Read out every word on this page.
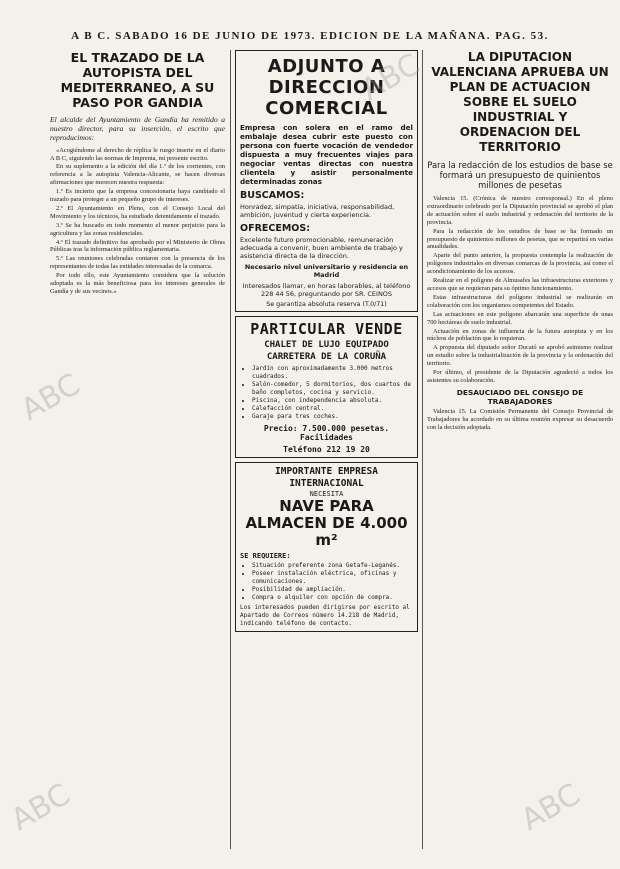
A B C. SABADO 16 DE JUNIO DE 1973. EDICION DE LA MAÑANA. PAG. 53.
EL TRAZADO DE LA AUTOPISTA DEL MEDITERRANEO, A SU PASO POR GANDIA
El alcalde del Ayuntamiento de Gandía ha remitido a nuestro director, para su inserción, el escrito que reproducimos:

«Acogiéndome al derecho de réplica le ruego inserte en el diario A B C, siguiendo las normas de Imprenta, mi presente escrito.

En su suplemento a la edición del día 1.º de los corrientes, con referencia a la autopista Valencia-Alicante, se hacen diversas afirmaciones que merecen nuestra respuesta:

1.º Es incierto que la empresa concesionaria haya cambiado el trazado para proteger a un pequeño grupo de intereses.

2.º El Ayuntamiento en Pleno, con el Consejo Local del Movimiento y los técnicos, ha estudiado detenidamente el trazado.

3.º Se ha buscado en todo momento el menor perjuicio para la agricultura y las zonas residenciales.

4.º El trazado definitivo fue aprobado por el Ministerio de Obras Públicas tras la información pública reglamentaria.

5.º Las reuniones celebradas contaron con la presencia de los representantes de todas las entidades interesadas de la comarca.

Por todo ello, este Ayuntamiento considera que la solución adoptada es la más beneficiosa para los intereses generales de Gandía y de sus vecinos.»

ADJUNTO A DIRECCION COMERCIAL
Empresa con solera en el ramo del embalaje desea cubrir este puesto con persona con fuerte vocación de vendedor dispuesta a muy frecuentes viajes para negociar ventas directas con nuestra clientela y asistir personalmente determinadas zonas
BUSCAMOS:
Honradez, simpatía, iniciativa, responsabilidad, ambición, juventud y cierta experiencia.
OFRECEMOS:
Excelente futuro promocionable, remuneración adecuada a convenir, buen ambiente de trabajo y asistencia directa de la dirección.
Necesario nivel universitario y residencia en Madrid
Interesados llamar, en horas laborables, al teléfono 228 44 56, preguntando por SR. CEINOS
Se garantiza absoluta reserva (T.0/71)
PARTICULAR VENDE
CHALET DE LUJO EQUIPADO
CARRETERA DE LA CORUÑA
• Jardín con aproximadamente 3.000 metros cuadrados.
• Salón-comedor, 5 dormitorios, dos cuartos de baño completos, cocina y servicio.
• Piscina, con independencia absoluta.
• Calefacción central.
• Garaje para tres coches.
Precio: 7.500.000 pesetas. Facilidades
Teléfono 212 19 20
IMPORTANTE EMPRESA INTERNACIONAL
NECESITA
NAVE PARA ALMACEN DE 4.000 m²
SE REQUIERE:
• Situación preferente zona Getafe-Leganés.
• Poseer instalación eléctrica, oficinas y comunicaciones.
• Posibilidad de ampliación.
• Compra o alquiler con opción de compra.
Los interesados pueden dirigirse por escrito al Apartado de Correos número 14.218 de Madrid, indicando teléfono de contacto.
LA DIPUTACION VALENCIANA APRUEBA UN PLAN DE ACTUACION SOBRE EL SUELO INDUSTRIAL Y ORDENACION DEL TERRITORIO
Para la redacción de los estudios de base se formará un presupuesto de quinientos millones de pesetas

Valencia 15. (Crónica de nuestro corresponsal.) En el pleno extraordinario celebrado por la Diputación provincial se aprobó el plan de actuación sobre el suelo industrial y ordenación del territorio de la provincia.

Para la redacción de los estudios de base se ha formado un presupuesto de quinientos millones de pesetas, que se repartirá en varias anualidades.

Aparte del punto anterior, la propuesta contempla la realización de polígonos industriales en diversas comarcas de la provincia, así como el acondicionamiento de los accesos.

Realizar en el polígono de Almusafes las infraestructuras exteriores y accesos que se requieran para su óptimo funcionamiento.

Estas infraestructuras del polígono industrial se realizarán en colaboración con los organismos competentes del Estado.

Las actuaciones en este polígono abarcarán una superficie de unas 700 hectáreas de suelo industrial.

Actuación en zonas de influencia de la futura autopista y en los núcleos de población que lo requieran.

A propuesta del diputado señor Ducató se aprobó asimismo realizar un estudio sobre la industrialización de la provincia y la ordenación del territorio.

Por último, el presidente de la Diputación agradeció a todos los asistentes su colaboración.

DESAUCIADO DEL CONSEJO DE TRABAJADORES

Valencia 15. La Comisión Permanente del Consejo Provincial de Trabajadores ha acordado en su última reunión expresar su desacuerdo con la decisión adoptada.

ABC
ABC
ABC	ABC
